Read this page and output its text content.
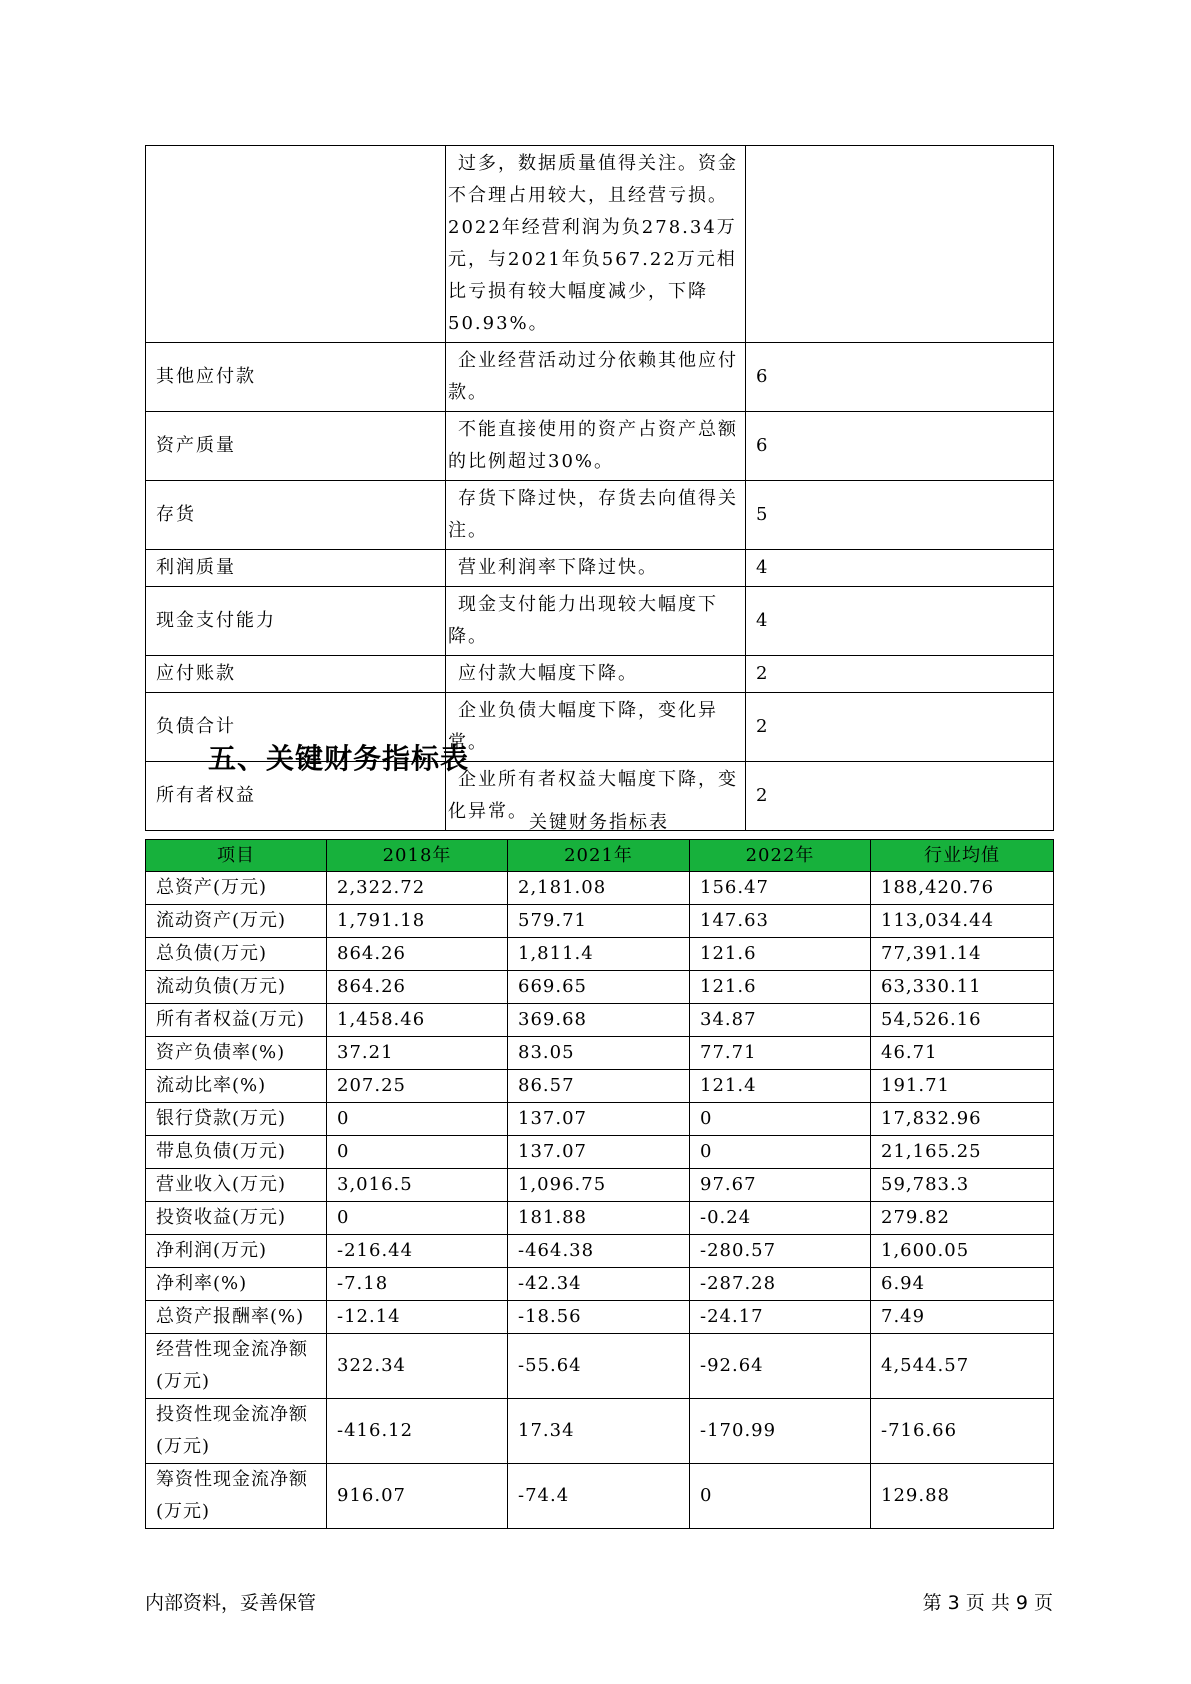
	过多，数据质量值得关注。资金不合理占用较大，且经营亏损。2022年经营利润为负278.34万元，与2021年负567.22万元相比亏损有较大幅度减少，下降50.93%。	
其他应付款	企业经营活动过分依赖其他应付款。	6
资产质量	不能直接使用的资产占资产总额的比例超过30%。	6
存货	存货下降过快，存货去向值得关注。	5
利润质量	营业利润率下降过快。	4
现金支付能力	现金支付能力出现较大幅度下降。	4
应付账款	应付款大幅度下降。	2
负债合计	企业负债大幅度下降，变化异常。	2
所有者权益	企业所有者权益大幅度下降，变化异常。	2
五、关键财务指标表
关键财务指标表
项目	2018年	2021年	2022年	行业均值
总资产(万元)	2,322.72	2,181.08	156.47	188,420.76
流动资产(万元)	1,791.18	579.71	147.63	113,034.44
总负债(万元)	864.26	1,811.4	121.6	77,391.14
流动负债(万元)	864.26	669.65	121.6	63,330.11
所有者权益(万元)	1,458.46	369.68	34.87	54,526.16
资产负债率(%)	37.21	83.05	77.71	46.71
流动比率(%)	207.25	86.57	121.4	191.71
银行贷款(万元)	0	137.07	0	17,832.96
带息负债(万元)	0	137.07	0	21,165.25
营业收入(万元)	3,016.5	1,096.75	97.67	59,783.3
投资收益(万元)	0	181.88	-0.24	279.82
净利润(万元)	-216.44	-464.38	-280.57	1,600.05
净利率(%)	-7.18	-42.34	-287.28	6.94
总资产报酬率(%)	-12.14	-18.56	-24.17	7.49
经营性现金流净额(万元)	322.34	-55.64	-92.64	4,544.57
投资性现金流净额(万元)	-416.12	17.34	-170.99	-716.66
筹资性现金流净额(万元)	916.07	-74.4	0	129.88
内部资料，妥善保管	第 3 页 共 9 页
